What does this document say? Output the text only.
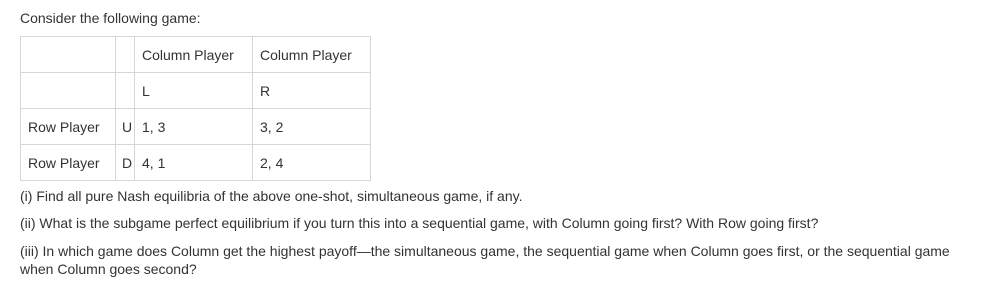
Consider the following game:
		Column Player	Column Player
		L	R
Row Player	U	1, 3	3, 2
Row Player	D	4, 1	2, 4
(i) Find all pure Nash equilibria of the above one-shot, simultaneous game, if any.
(ii) What is the subgame perfect equilibrium if you turn this into a sequential game, with Column going first? With Row going first?
(iii) In which game does Column get the highest payoff—the simultaneous game, the sequential game when Column goes first, or the sequential game when Column goes second?
